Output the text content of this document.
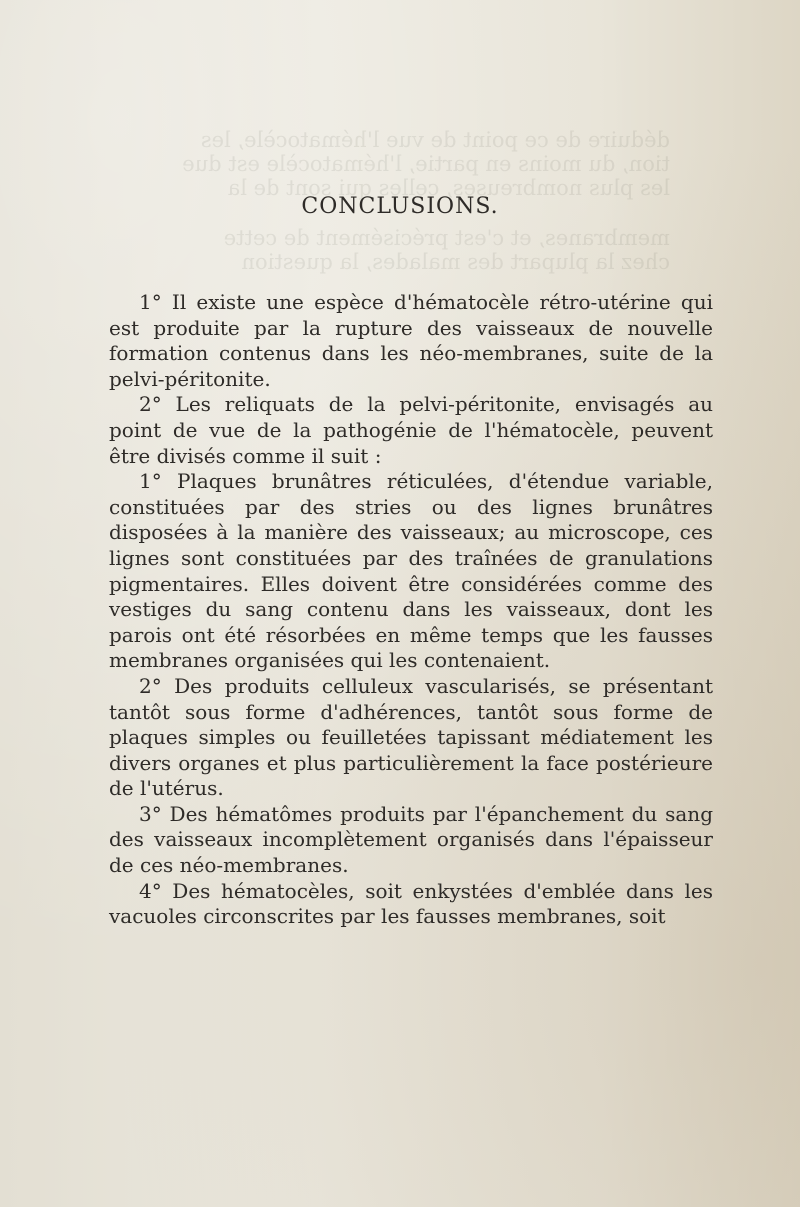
déduire de ce point de vue l'hématocèle, les
tion, du moins en partie, l'hématocèle est due
les plus nombreuses, celles qui sont de la
membranes, et c'est précisément de cette
chez la plupart des malades, la question
CONCLUSIONS.

1° Il existe une espèce d'hématocèle rétro-utérine qui est produite par la rupture des vaisseaux de nouvelle formation contenus dans les néo-membranes, suite de la pelvi-péritonite.

2° Les reliquats de la pelvi-péritonite, envisagés au point de vue de la pathogénie de l'hématocèle, peuvent être divisés comme il suit :

1° Plaques brunâtres réticulées, d'étendue variable, constituées par des stries ou des lignes brunâtres disposées à la manière des vaisseaux; au microscope, ces lignes sont constituées par des traînées de granulations pigmentaires. Elles doivent être considérées comme des vestiges du sang contenu dans les vaisseaux, dont les parois ont été résorbées en même temps que les fausses membranes organisées qui les contenaient.

2° Des produits celluleux vascularisés, se présentant tantôt sous forme d'adhérences, tantôt sous forme de plaques simples ou feuilletées tapissant médiatement les divers organes et plus particulièrement la face postérieure de l'utérus.

3° Des hématômes produits par l'épanchement du sang des vaisseaux incomplètement organisés dans l'épaisseur de ces néo-membranes.

4° Des hématocèles, soit enkystées d'emblée dans les vacuoles circonscrites par les fausses membranes, soit
